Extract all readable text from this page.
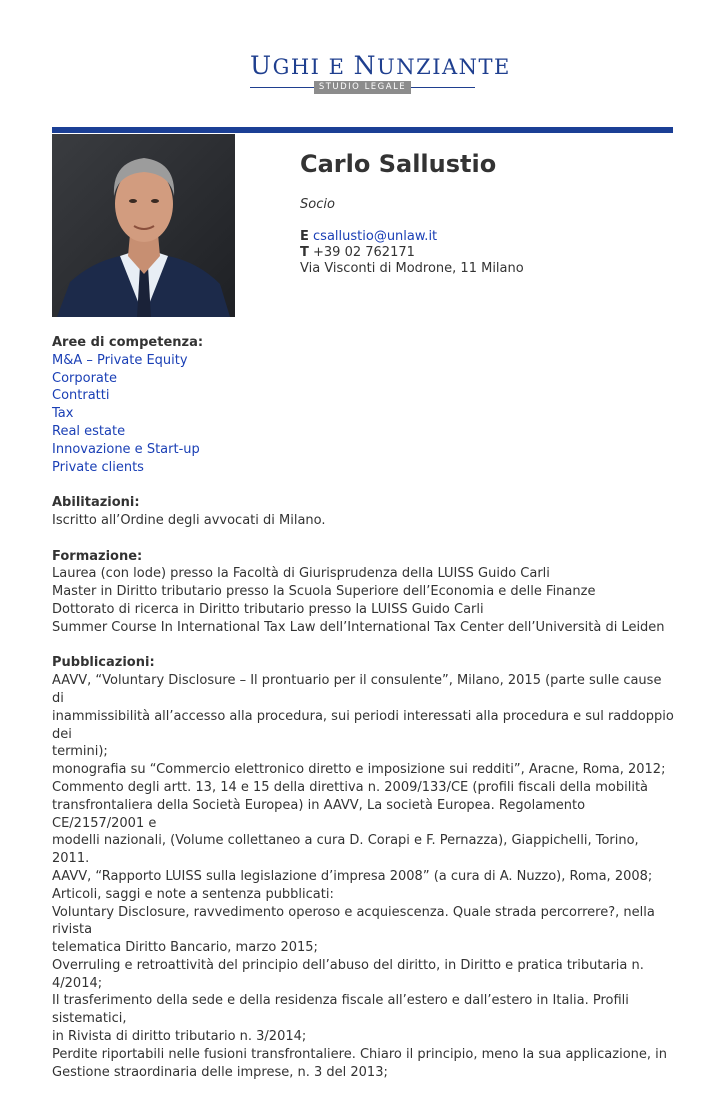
UGHI E NUNZIANTE
STUDIO LEGALE
Carlo Sallustio
Socio
E csallustio@unlaw.it
T +39 02 762171
Via Visconti di Modrone, 11 Milano
Aree di competenza:
M&A – Private Equity
Corporate
Contratti
Tax
Real estate
Innovazione e Start-up
Private clients
Abilitazioni:
Iscritto all’Ordine degli avvocati di Milano.
Formazione:
Laurea (con lode) presso la Facoltà di Giurisprudenza della LUISS Guido Carli
Master in Diritto tributario presso la Scuola Superiore dell’Economia e delle Finanze
Dottorato di ricerca in Diritto tributario presso la LUISS Guido Carli
Summer Course In International Tax Law dell’International Tax Center dell’Università di Leiden
Pubblicazioni:
AAVV, “Voluntary Disclosure – Il prontuario per il consulente”, Milano, 2015 (parte sulle cause di
inammissibilità all’accesso alla procedura, sui periodi interessati alla procedura e sul raddoppio dei
termini);
monografia su “Commercio elettronico diretto e imposizione sui redditi”, Aracne, Roma, 2012;
Commento degli artt. 13, 14 e 15 della direttiva n. 2009/133/CE (profili fiscali della mobilità
transfrontaliera della Società Europea) in AAVV, La società Europea. Regolamento CE/2157/2001 e
modelli nazionali, (Volume collettaneo a cura D. Corapi e F. Pernazza), Giappichelli, Torino, 2011.
AAVV, “Rapporto LUISS sulla legislazione d’impresa 2008” (a cura di A. Nuzzo), Roma, 2008;
Articoli, saggi e note a sentenza pubblicati:
Voluntary Disclosure, ravvedimento operoso e acquiescenza. Quale strada percorrere?, nella rivista
telematica Diritto Bancario, marzo 2015;
Overruling e retroattività del principio dell’abuso del diritto, in Diritto e pratica tributaria n. 4/2014;
Il trasferimento della sede e della residenza fiscale all’estero e dall’estero in Italia. Profili sistematici,
in Rivista di diritto tributario n. 3/2014;
Perdite riportabili nelle fusioni transfrontaliere. Chiaro il principio, meno la sua applicazione, in
Gestione straordinaria delle imprese, n. 3 del 2013;
